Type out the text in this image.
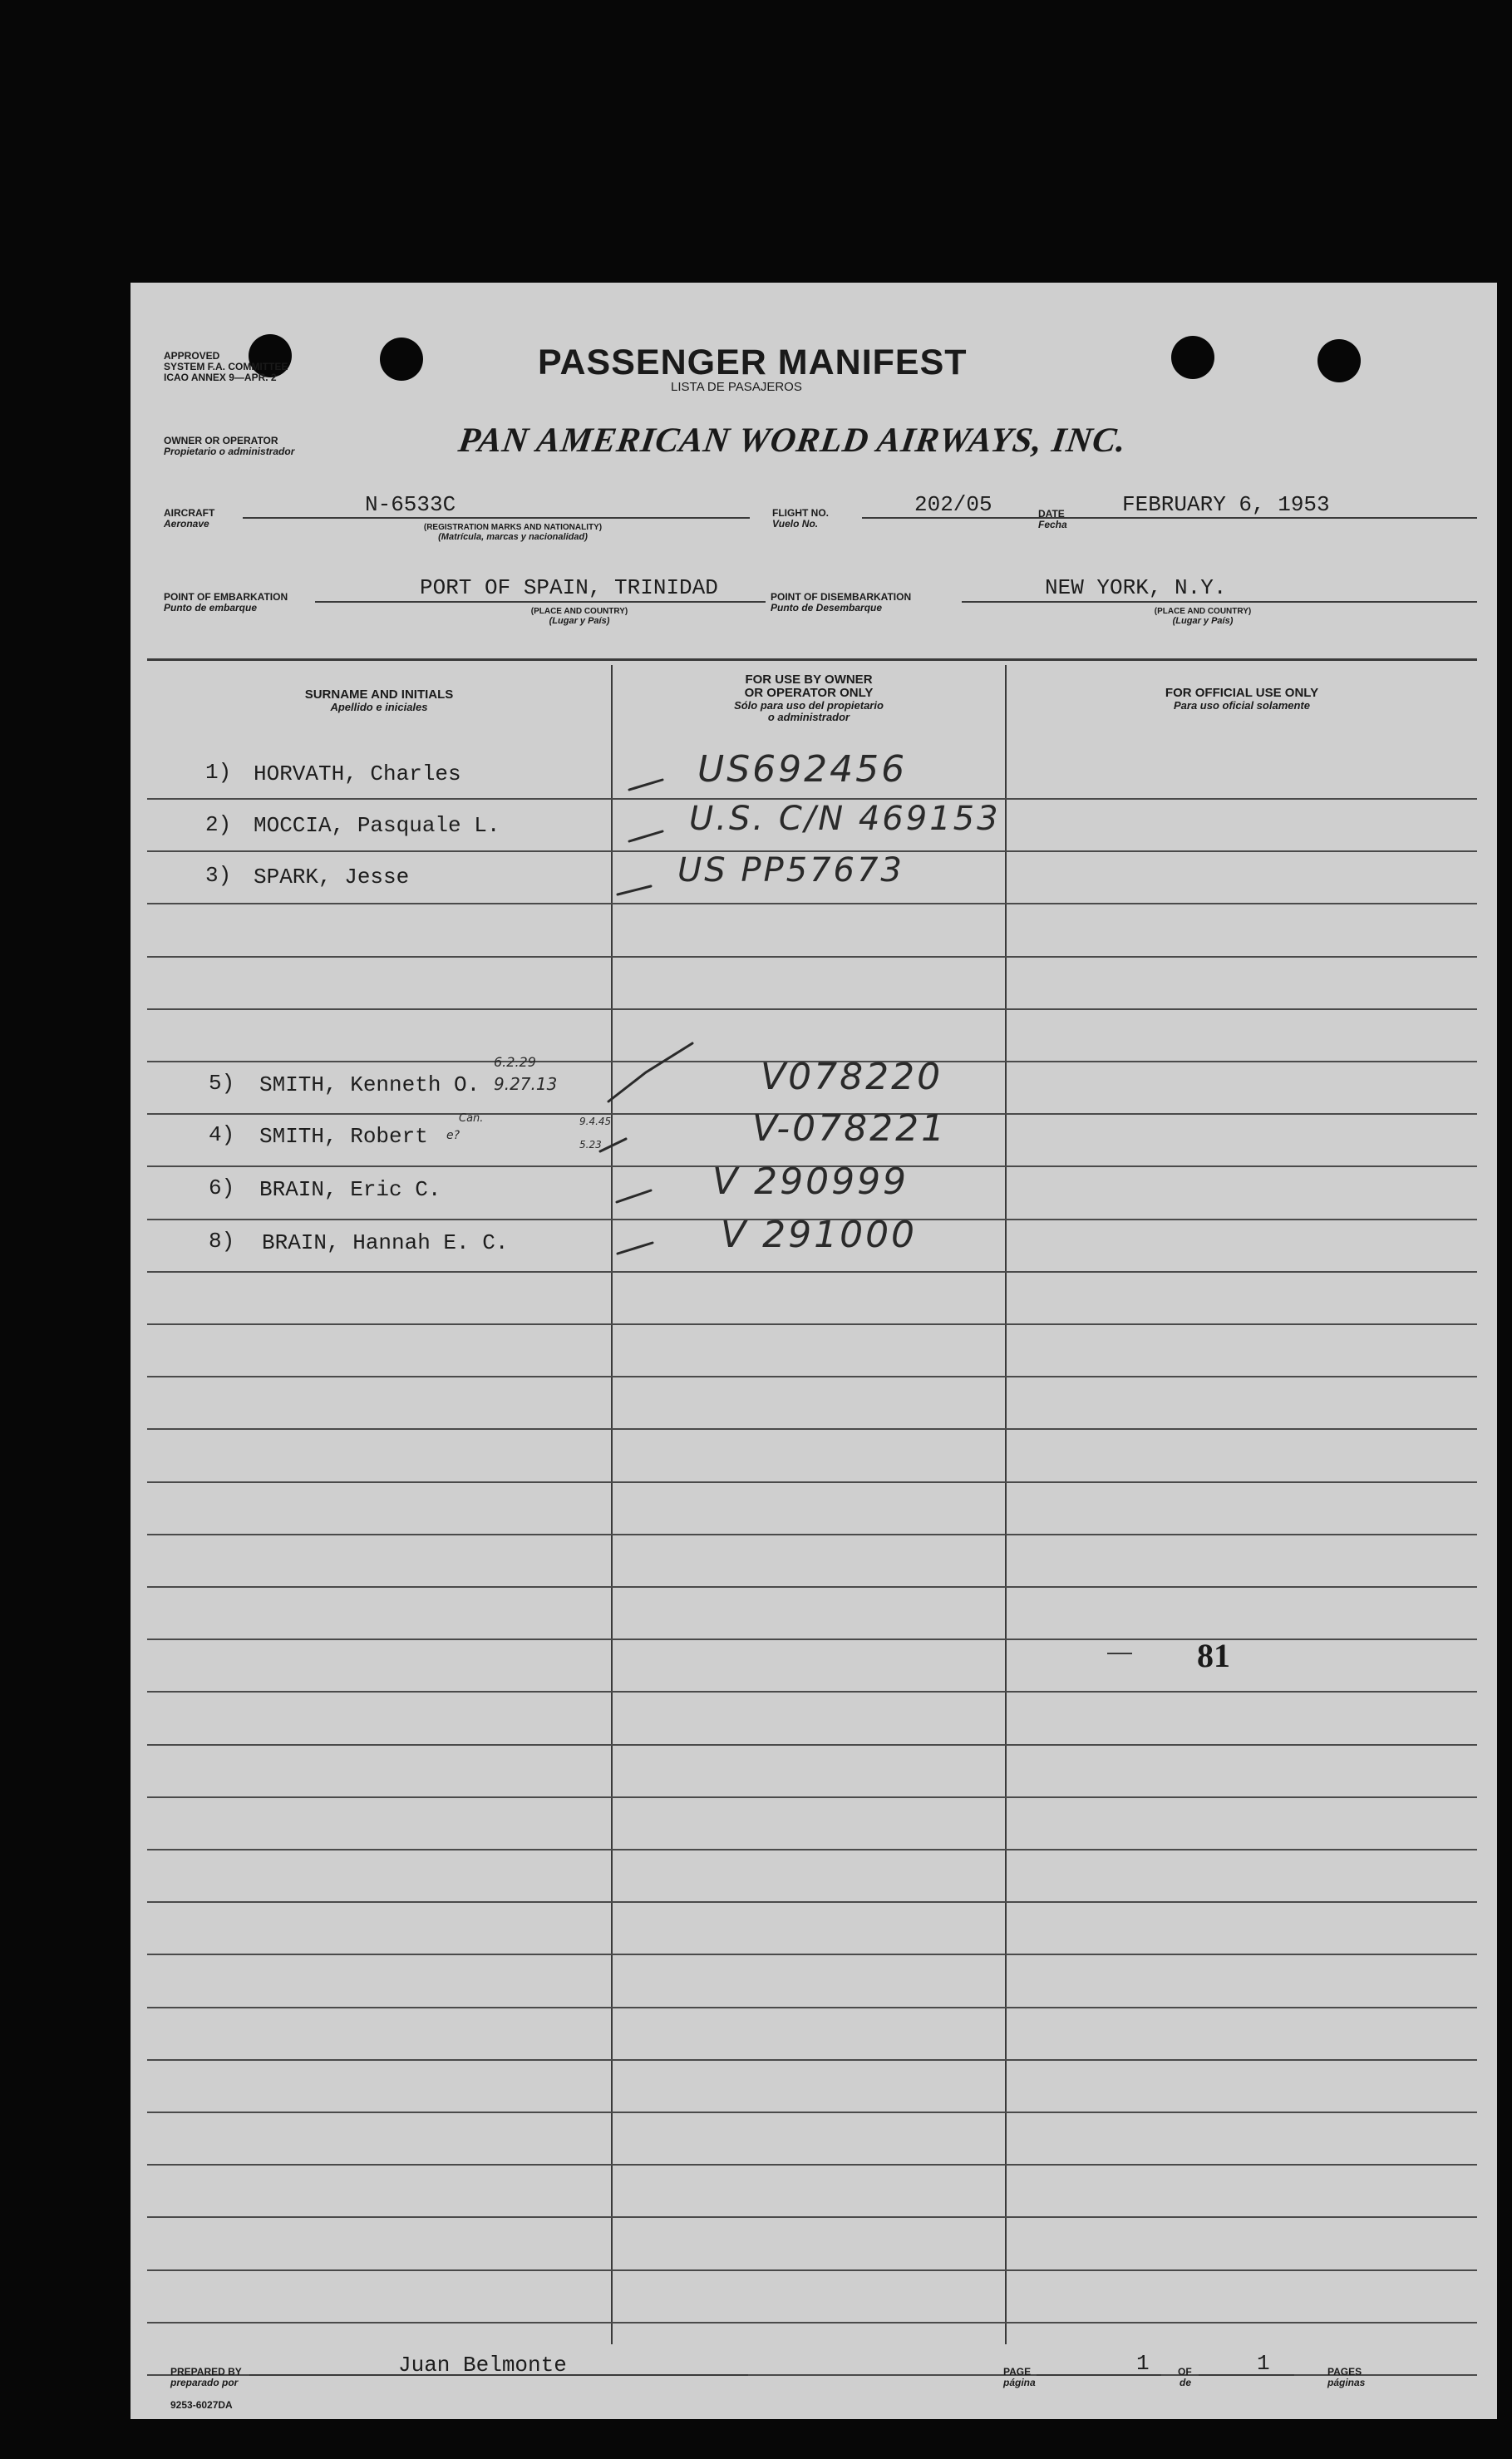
APPROVED
SYSTEM F.A. COMMITTEE
ICAO ANNEX 9—APR. 2	PASSENGER MANIFEST
LISTA DE PASAJEROS
OWNER OR OPERATOR
Propietario o administrador	PAN AMERICAN WORLD AIRWAYS, INC.
AIRCRAFT
Aeronave
N-6533C
(REGISTRATION MARKS AND NATIONALITY)
(Matrícula, marcas y nacionalidad)
FLIGHT NO.
Vuelo No.
202/05	DATE
Fecha
FEBRUARY 6, 1953
POINT OF EMBARKATION
Punto de embarque
PORT OF SPAIN, TRINIDAD
(PLACE AND COUNTRY)
(Lugar y País)
POINT OF DISEMBARKATION
Punto de Desembarque
NEW YORK, N.Y.
(PLACE AND COUNTRY)
(Lugar y País)
SURNAME AND INITIALS
Apellido e iniciales
FOR USE BY OWNER
OR OPERATOR ONLY
Sólo para uso del propietario
o administrador
FOR OFFICIAL USE ONLY
Para uso oficial solamente
1) HORVATH, Charles	US692456
2) MOCCIA, Pasquale L.	U.S. C/N 469153
3) SPARK, Jesse	US PP57673
5) SMITH, Kenneth O.	V078220
4) SMITH, Robert	V-078221
6) BRAIN, Eric C.	V 290999
8) BRAIN, Hannah E. C.	V 291000
6.2.29
9.27.13
Can.	9.4.45
5.23
e?
81
PREPARED BY
preparado por
Juan Belmonte	PAGE
página
1	OF
de
1	PAGES
páginas
9253-6027DA
